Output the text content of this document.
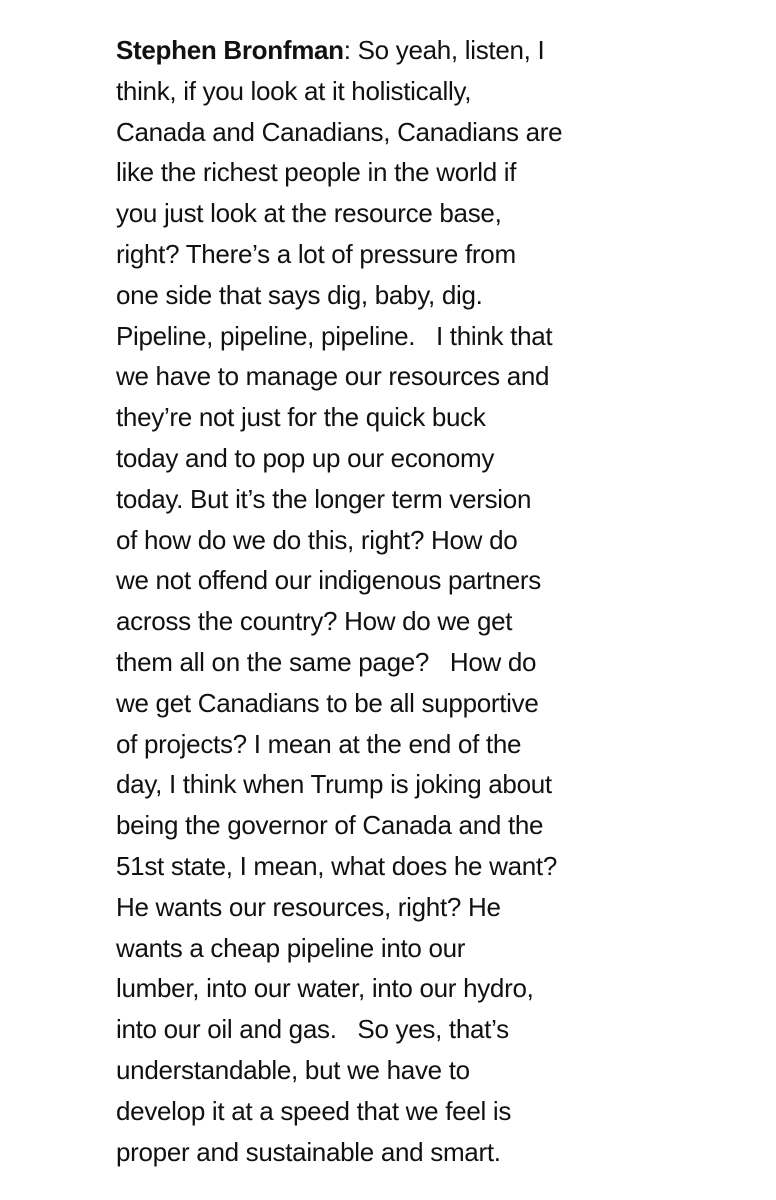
Stephen Bronfman: So yeah, listen, I
think, if you look at it holistically,
Canada and Canadians, Canadians are
like the richest people in the world if
you just look at the resource base,
right? There’s a lot of pressure from
one side that says dig, baby, dig.
Pipeline, pipeline, pipeline.   I think that
we have to manage our resources and
they’re not just for the quick buck
today and to pop up our economy
today. But it’s the longer term version
of how do we do this, right? How do
we not offend our indigenous partners
across the country? How do we get
them all on the same page?   How do
we get Canadians to be all supportive
of projects? I mean at the end of the
day, I think when Trump is joking about
being the governor of Canada and the
51st state, I mean, what does he want?
He wants our resources, right? He
wants a cheap pipeline into our
lumber, into our water, into our hydro,
into our oil and gas.   So yes, that’s
understandable, but we have to
develop it at a speed that we feel is
proper and sustainable and smart.
